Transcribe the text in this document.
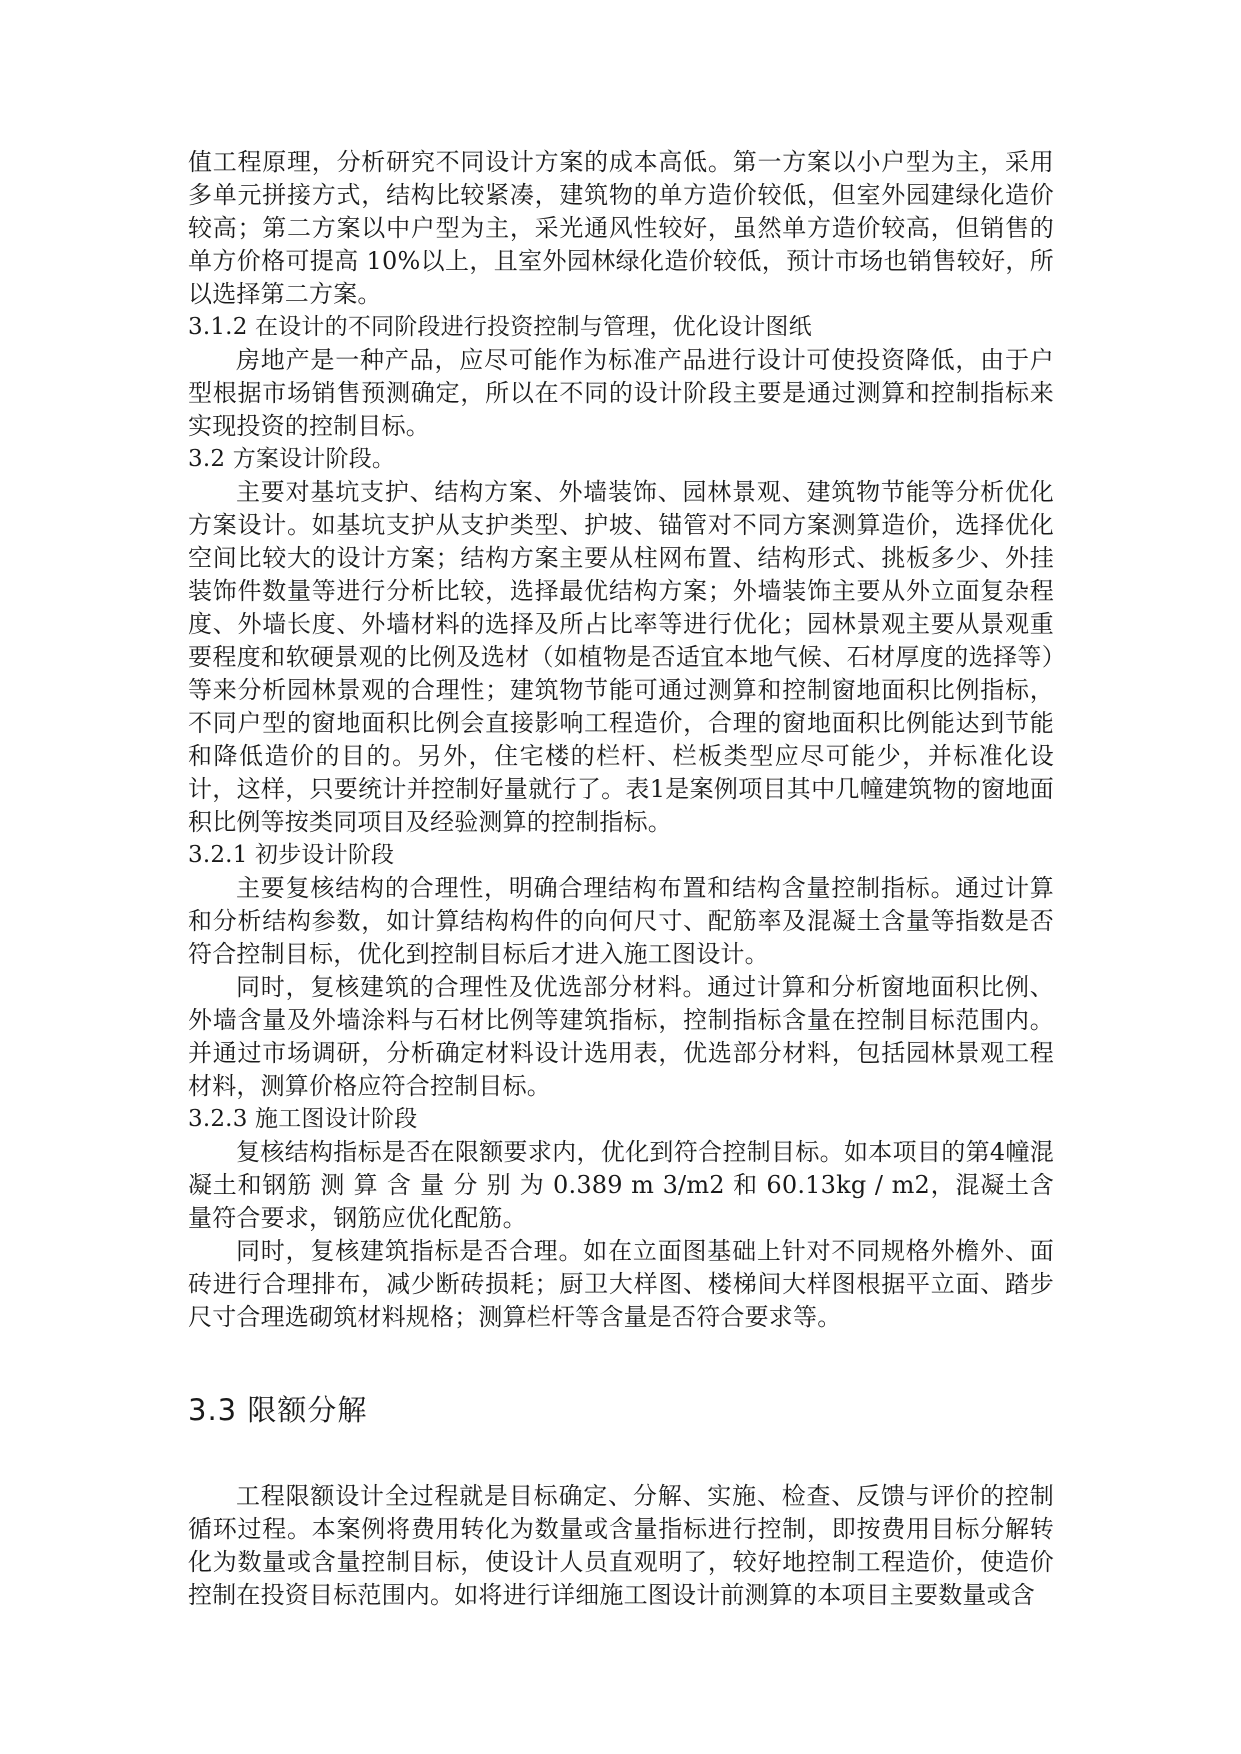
值工程原理，分析研究不同设计方案的成本高低。第一方案以小户型为主，采用多单元拼接方式，结构比较紧凑，建筑物的单方造价较低，但室外园建绿化造价较高；第二方案以中户型为主，采光通风性较好，虽然单方造价较高，但销售的单方价格可提高 10%以上，且室外园林绿化造价较低，预计市场也销售较好，所以选择第二方案。

3.1.2 在设计的不同阶段进行投资控制与管理，优化设计图纸

房地产是一种产品，应尽可能作为标准产品进行设计可使投资降低，由于户型根据市场销售预测确定，所以在不同的设计阶段主要是通过测算和控制指标来实现投资的控制目标。

3.2 方案设计阶段。

主要对基坑支护、结构方案、外墙装饰、园林景观、建筑物节能等分析优化方案设计。如基坑支护从支护类型、护坡、锚管对不同方案测算造价，选择优化空间比较大的设计方案；结构方案主要从柱网布置、结构形式、挑板多少、外挂装饰件数量等进行分析比较，选择最优结构方案；外墙装饰主要从外立面复杂程度、外墙长度、外墙材料的选择及所占比率等进行优化；园林景观主要从景观重要程度和软硬景观的比例及选材（如植物是否适宜本地气候、石材厚度的选择等）等来分析园林景观的合理性；建筑物节能可通过测算和控制窗地面积比例指标，不同户型的窗地面积比例会直接影响工程造价，合理的窗地面积比例能达到节能和降低造价的目的。另外，住宅楼的栏杆、栏板类型应尽可能少，并标准化设计，这样，只要统计并控制好量就行了。表1是案例项目其中几幢建筑物的窗地面积比例等按类同项目及经验测算的控制指标。

3.2.1 初步设计阶段

主要复核结构的合理性，明确合理结构布置和结构含量控制指标。通过计算和分析结构参数，如计算结构构件的向何尺寸、配筋率及混凝土含量等指数是否符合控制目标，优化到控制目标后才进入施工图设计。

同时，复核建筑的合理性及优选部分材料。通过计算和分析窗地面积比例、外墙含量及外墙涂料与石材比例等建筑指标，控制指标含量在控制目标范围内。并通过市场调研，分析确定材料设计选用表，优选部分材料，包括园林景观工程材料，测算价格应符合控制目标。

3.2.3 施工图设计阶段

复核结构指标是否在限额要求内，优化到符合控制目标。如本项目的第4幢混凝土和钢筋 测 算 含 量 分 别 为 0.389 m 3/m2 和 60.13kg / m2，混凝土含量符合要求，钢筋应优化配筋。

同时，复核建筑指标是否合理。如在立面图基础上针对不同规格外檐外、面砖进行合理排布，减少断砖损耗；厨卫大样图、楼梯间大样图根据平立面、踏步尺寸合理选砌筑材料规格；测算栏杆等含量是否符合要求等。

3.3 限额分解

工程限额设计全过程就是目标确定、分解、实施、检查、反馈与评价的控制循环过程。本案例将费用转化为数量或含量指标进行控制，即按费用目标分解转化为数量或含量控制目标，使设计人员直观明了，较好地控制工程造价，使造价控制在投资目标范围内。如将进行详细施工图设计前测算的本项目主要数量或含
